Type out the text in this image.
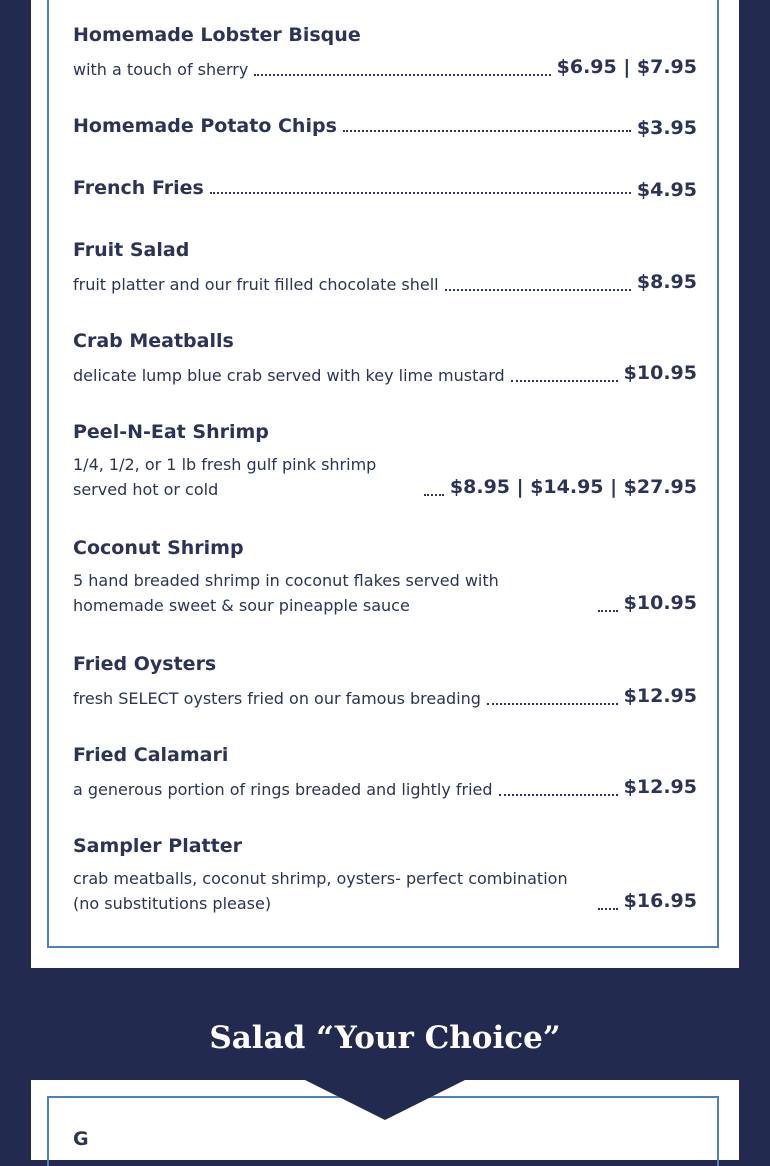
Homemade Lobster Bisque
with a touch of sherry	$6.95 | $7.95
Homemade Potato Chips	$3.95
French Fries	$4.95
Fruit Salad
fruit platter and our fruit filled chocolate shell	$8.95
Crab Meatballs
delicate lump blue crab served with key lime mustard	$10.95
Peel-N-Eat Shrimp
1/4, 1/2, or 1 lb fresh gulf pink shrimp served hot or cold	$8.95 | $14.95 | $27.95
Coconut Shrimp
5 hand breaded shrimp in coconut flakes served with homemade sweet & sour pineapple sauce	$10.95
Fried Oysters
fresh SELECT oysters fried on our famous breading	$12.95
Fried Calamari
a generous portion of rings breaded and lightly fried	$12.95
Sampler Platter
crab meatballs, coconut shrimp, oysters- perfect combination (no substitutions please)	$16.95
Salad “Your Choice”
G
